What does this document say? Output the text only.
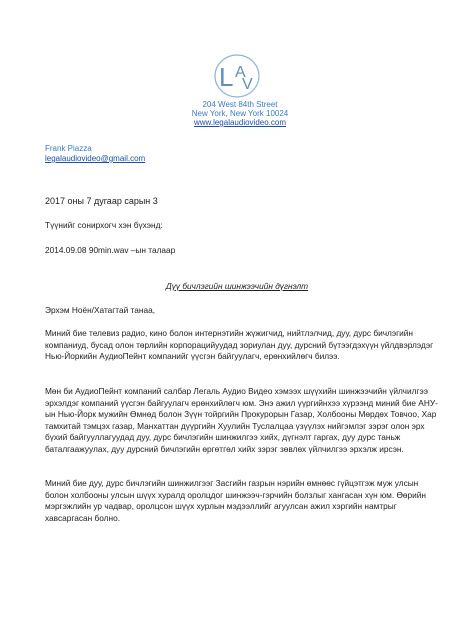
L A
V
204 West 84th Street
New York, New York 10024
www.legalaudiovideo.com
Frank Piazza
legalaudiovideo@gmail.com
2017 оны 7 дугаар сарын 3
Түүнийг сонирхогч хэн бүхэнд:
2014.09.08 90min.wav –ын талаар
Дүү бичлэгийн шинжээчийн дүгнэлт
Эрхэм Ноён/Хатагтай танаа,
Миний бие телевиз радио, кино болон интернэтийн жүжигчид, нийтлэлчид, дуу, дурс бичлэгийн компаниуд, бусад олон төрлийн корпорацийуудад зориулан дуу, дурсний бүтээгдэхүүн үйлдвэрлэдэг Нью-Йоркийн АудиоПейнт компанийг үүсгэн байгуулагч, ерөнхийлөгч билээ.
Мөн би АудиоПейнт компаний салбар Легаль Аудио Видео хэмээх шүүхийн шинжээчийн үйлчилгээ эрхэлдэг компаний үүсгэн байгуулагч ерөнхийлөгч юм. Энэ ажил үүргийнхээ хүрээнд миний бие АНУ-ын Нью-Йорк мужийн Өмнөд болон Зүүн тойргийн Прокурорын Газар, Холбооны Мөрдөх Товчоо, Хар тамхитай тэмцэх газар, Манхаттан дүүргийн Хуулийн Туслалцаа үзүүлэх нийгэмлэг зэрэг олон эрх бүхий байгууллагуудад дуу, дурс бичлэгийн шинжилгээ хийх, дүгнэлт гаргах, дуу дурс таньж баталгаажуулах, дуу дурсний бичлэгийн өргөтгөл хийх зэрэг зөвлөх үйлчилгээ эрхэлж ирсэн.
Миний бие дуу, дурс бичлэгийн шинжилгээг Засгийн газрын нэрийн өмнөөс гүйцэтгэж муж улсын болон холбооны улсын шүүх хуралд оролцдог шинжээч-гэрчийн болзлыг хангасан хүн юм. Өөрийн мэргэжлийн ур чадвар, оролцсон шүүх хурлын мэдээллийг агуулсан ажил хэргийн намтрыг хавсаргасан болно.
